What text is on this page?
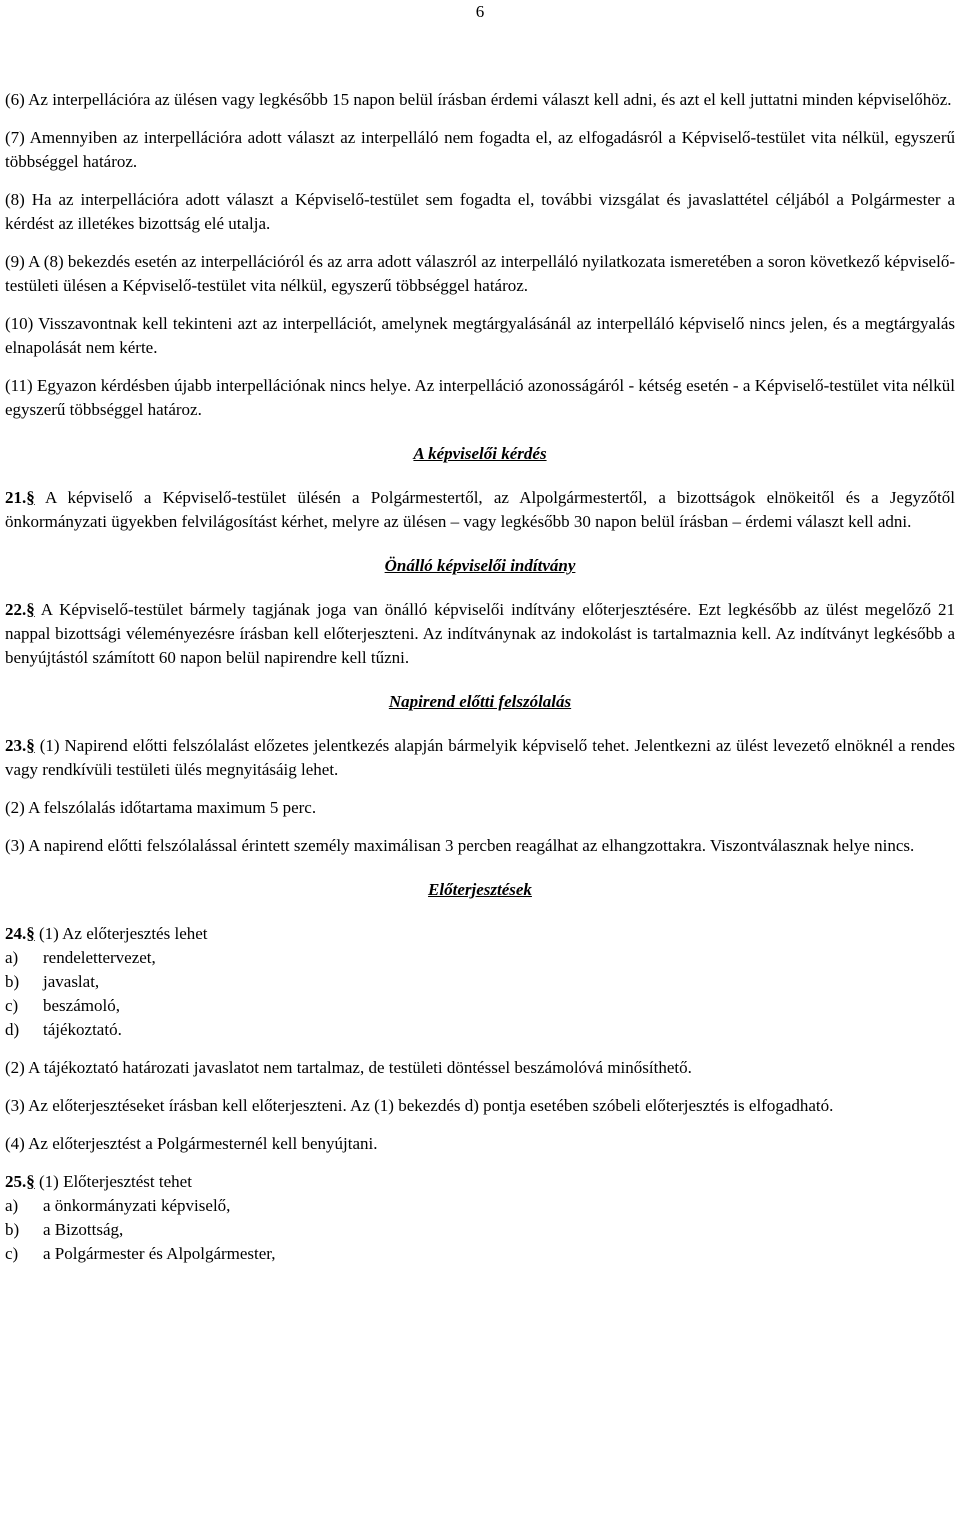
6

(6) Az interpellációra az ülésen vagy legkésőbb 15 napon belül írásban érdemi választ kell adni, és azt el kell juttatni minden képviselőhöz.

(7) Amennyiben az interpellációra adott választ az interpelláló nem fogadta el, az elfogadásról a Képviselő-testület vita nélkül, egyszerű többséggel határoz.

(8) Ha az interpellációra adott választ a Képviselő-testület sem fogadta el, további vizsgálat és javaslattétel céljából a Polgármester a kérdést az illetékes bizottság elé utalja.

(9) A (8) bekezdés esetén az interpellációról és az arra adott válaszról az interpelláló nyilatkozata ismeretében a soron következő képviselő-testületi ülésen a Képviselő-testület vita nélkül, egyszerű többséggel határoz.

(10) Visszavontnak kell tekinteni azt az interpellációt, amelynek megtárgyalásánál az interpelláló képviselő nincs jelen, és a megtárgyalás elnapolását nem kérte.

(11) Egyazon kérdésben újabb interpellációnak nincs helye. Az interpelláció azonosságáról - kétség esetén - a Képviselő-testület vita nélkül egyszerű többséggel határoz.

A képviselői kérdés

21.§ A képviselő a Képviselő-testület ülésén a Polgármestertől, az Alpolgármestertől, a bizottságok elnökeitől és a Jegyzőtől önkormányzati ügyekben felvilágosítást kérhet, melyre az ülésen – vagy legkésőbb 30 napon belül írásban – érdemi választ kell adni.

Önálló képviselői indítvány

22.§ A Képviselő-testület bármely tagjának joga van önálló képviselői indítvány előterjesztésére. Ezt legkésőbb az ülést megelőző 21 nappal bizottsági véleményezésre írásban kell előterjeszteni. Az indítványnak az indokolást is tartalmaznia kell. Az indítványt legkésőbb a benyújtástól számított 60 napon belül napirendre kell tűzni.

Napirend előtti felszólalás

23.§ (1) Napirend előtti felszólalást előzetes jelentkezés alapján bármelyik képviselő tehet. Jelentkezni az ülést levezető elnöknél a rendes vagy rendkívüli testületi ülés megnyitásáig lehet.

(2) A felszólalás időtartama maximum 5 perc.

(3) A napirend előtti felszólalással érintett személy maximálisan 3 percben reagálhat az elhangzottakra. Viszontválasznak helye nincs.

Előterjesztések
24.§ (1) Az előterjesztés lehet
a)	rendelettervezet,
b)	javaslat,
c)	beszámoló,
d)	tájékoztató.

(2) A tájékoztató határozati javaslatot nem tartalmaz, de testületi döntéssel beszámolóvá minősíthető.

(3) Az előterjesztéseket írásban kell előterjeszteni. Az (1) bekezdés d) pontja esetében szóbeli előterjesztés is elfogadható.

(4) Az előterjesztést a Polgármesternél kell benyújtani.

25.§ (1) Előterjesztést tehet
a)	a önkormányzati képviselő,
b)	a Bizottság,
c)	a Polgármester és Alpolgármester,
